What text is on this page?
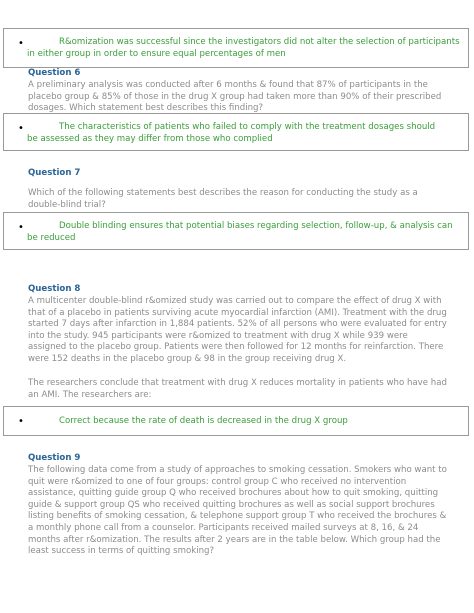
•	R&omization was successful since the investigators did not alter the selection of participants in either group in order to ensure equal percentages of men

Question 6

A preliminary analysis was conducted after 6 months & found that 87% of participants in the placebo group & 85% of those in the drug X group had taken more than 90% of their prescribed dosages. Which statement best describes this finding?

•	The characteristics of patients who failed to comply with the treatment dosages should be assessed as they may differ from those who complied

Question 7

Which of the following statements best describes the reason for conducting the study as a double-blind trial?

•	Double blinding ensures that potential biases regarding selection, follow-up, & analysis can be reduced

Question 8

A multicenter double-blind r&omized study was carried out to compare the effect of drug X with that of a placebo in patients surviving acute myocardial infarction (AMI). Treatment with the drug started 7 days after infarction in 1,884 patients. 52% of all persons who were evaluated for entry into the study. 945 participants were r&omized to treatment with drug X while 939 were assigned to the placebo group. Patients were then followed for 12 months for reinfarction. There were 152 deaths in the placebo group & 98 in the group receiving drug X.

The researchers conclude that treatment with drug X reduces mortality in patients who have had an AMI. The researchers are:

•	Correct because the rate of death is decreased in the drug X group

Question 9

The following data come from a study of approaches to smoking cessation. Smokers who want to quit were r&omized to one of four groups: control group C who received no intervention assistance, quitting guide group Q who received brochures about how to quit smoking, quitting guide & support group QS who received quitting brochures as well as social support brochures listing benefits of smoking cessation, & telephone support group T who received the brochures & a monthly phone call from a counselor. Participants received mailed surveys at 8, 16, & 24 months after r&omization. The results after 2 years are in the table below. Which group had the least success in terms of quitting smoking?
